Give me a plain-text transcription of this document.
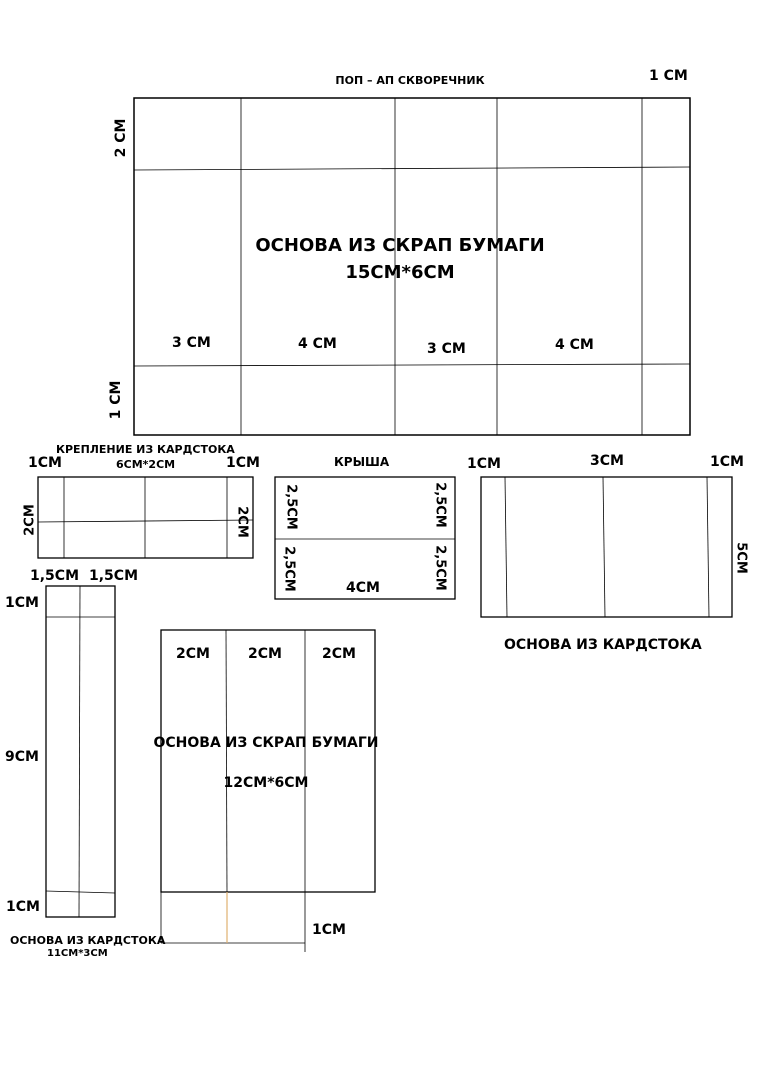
ПОП – АП СКВОРЕЧНИК	1 СМ
2 СМ
1 СМ
ОСНОВА ИЗ СКРАП БУМАГИ
15СМ*6СМ
3 СМ	4 СМ	3 СМ	4 СМ
КРЕПЛЕНИЕ ИЗ КАРДСТОКА
6СМ*2СМ
1СМ	1СМ
2СМ	2СМ
КРЫША
2,5СМ
2,5СМ
2,5СМ
2,5СМ
4СМ
1СМ	3СМ	1СМ
5СМ
ОСНОВА ИЗ КАРДСТОКА
1,5СМ 1,5СМ
1СМ
9СМ
1СМ
ОСНОВА ИЗ КАРДСТОКА
11СМ*3СМ
2СМ	2СМ	2СМ
ОСНОВА ИЗ СКРАП БУМАГИ
12СМ*6СМ
1СМ
